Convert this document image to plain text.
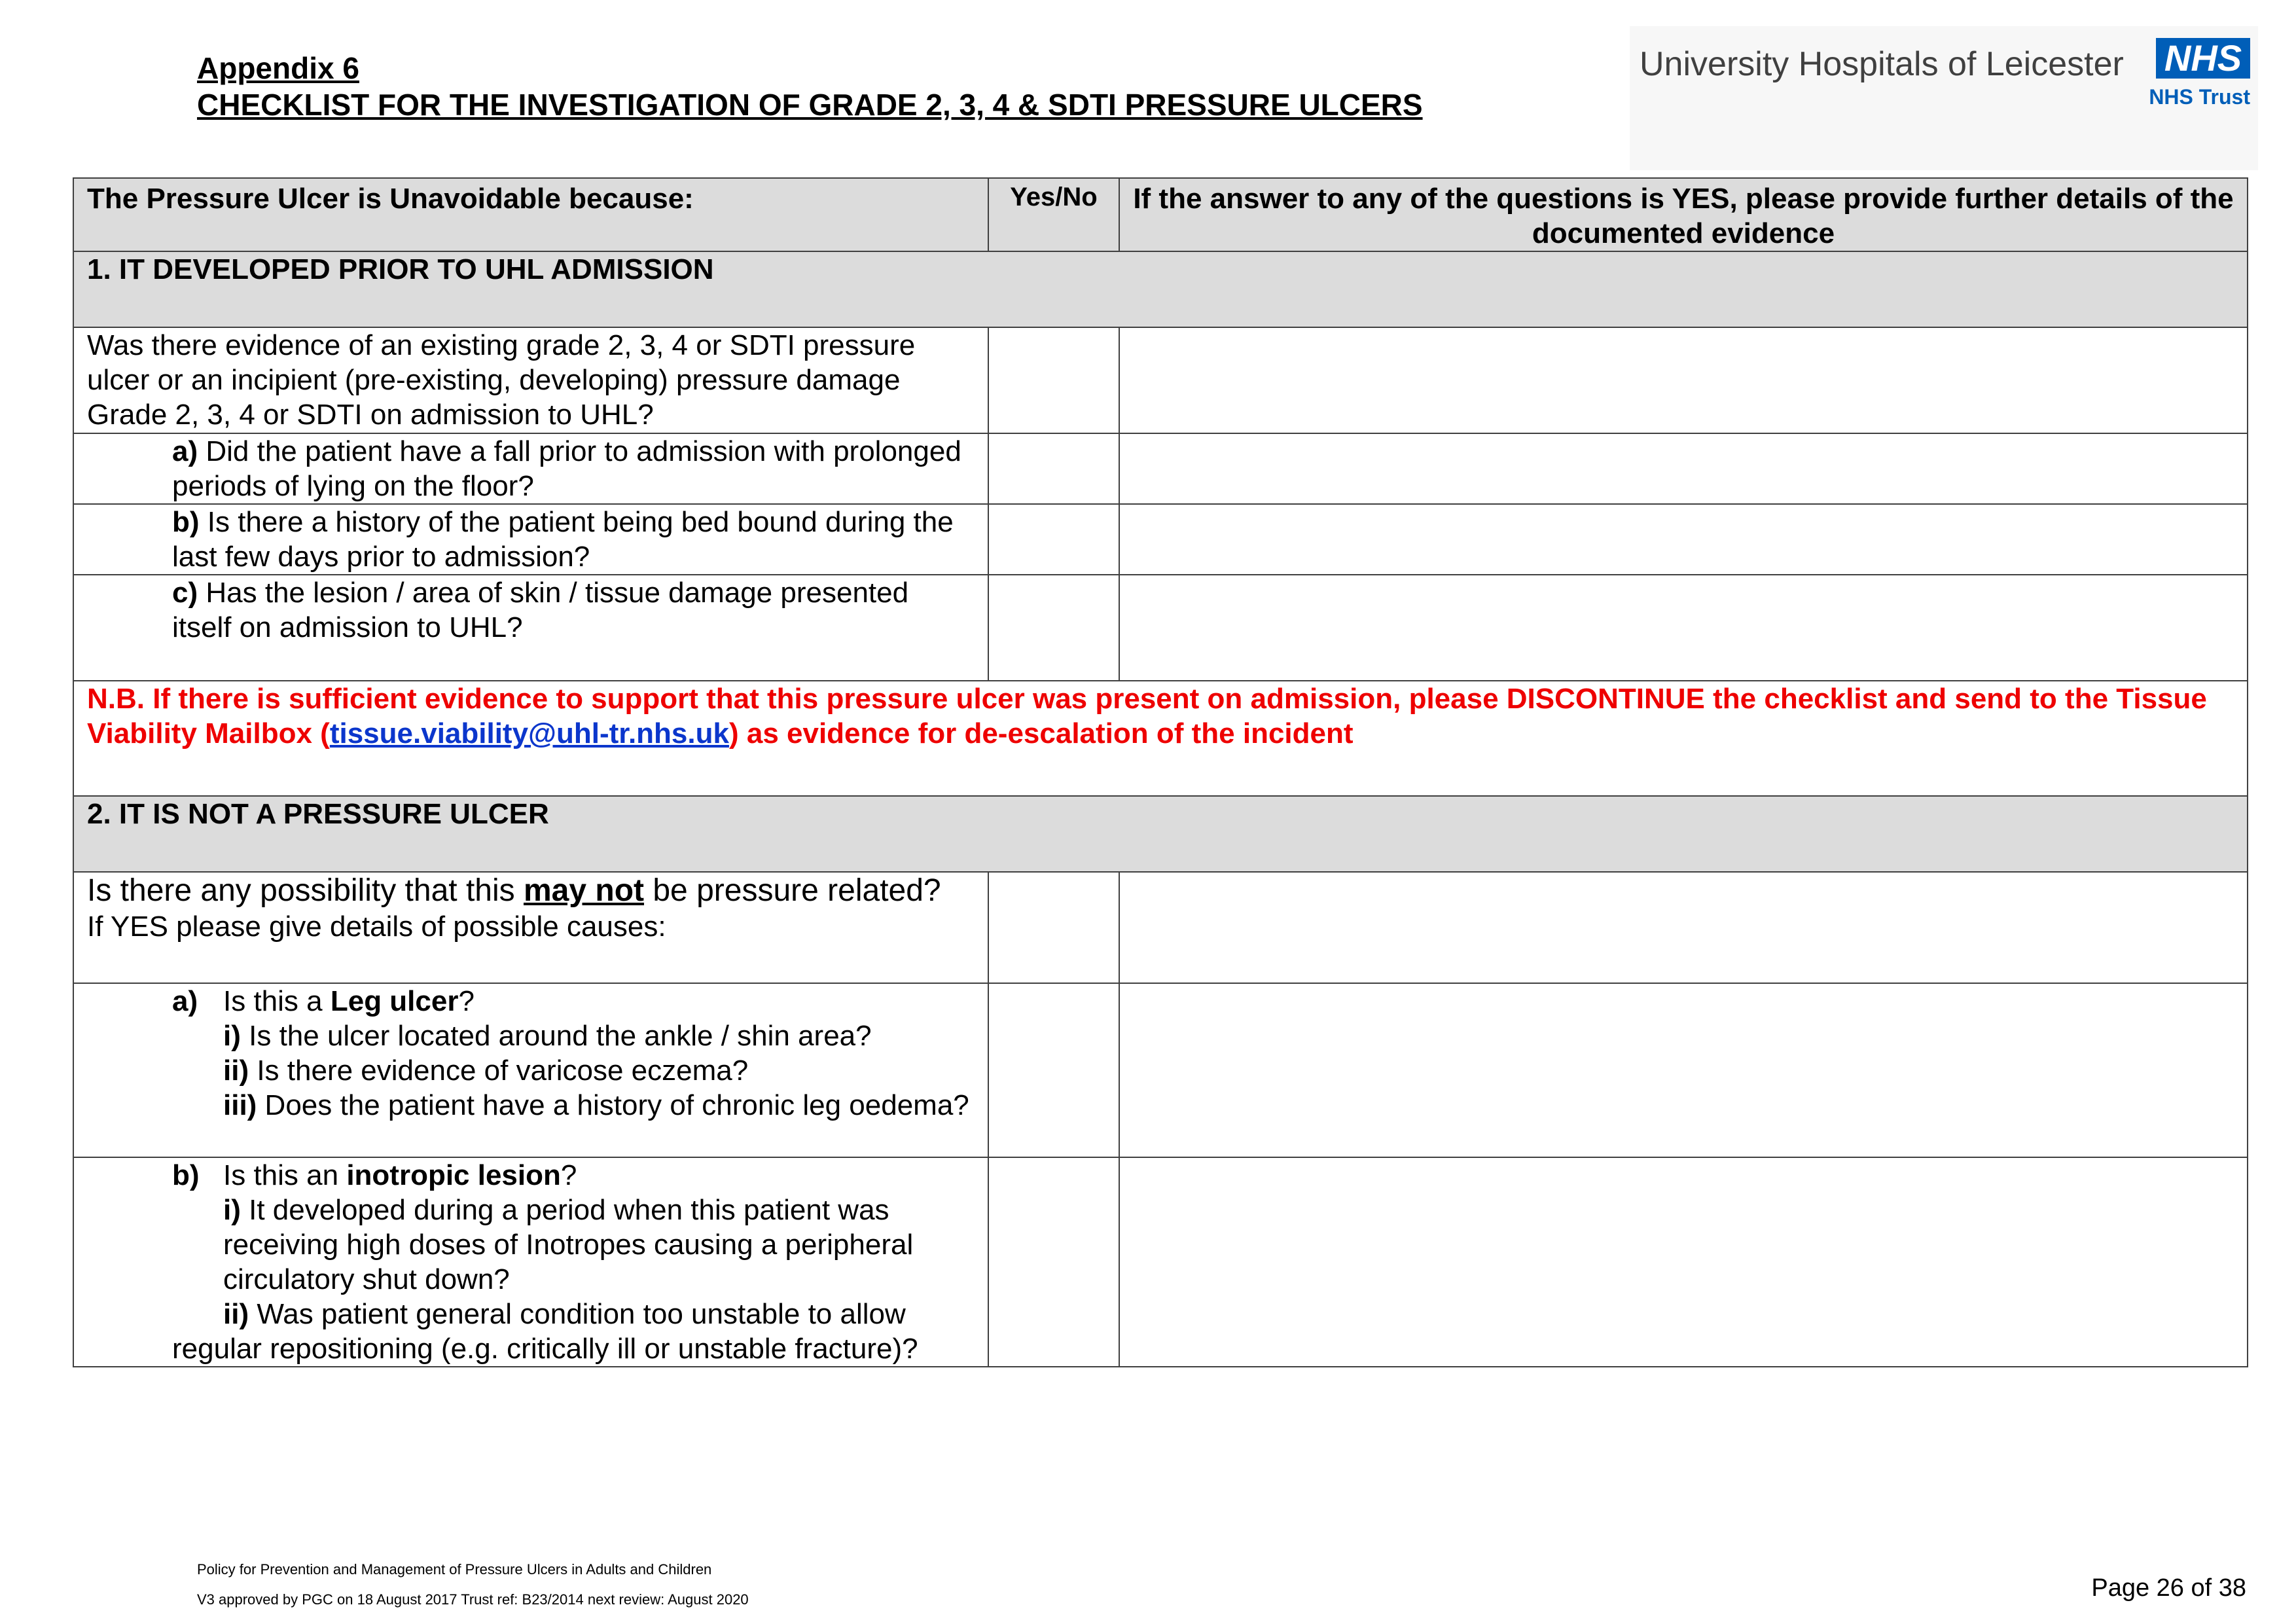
Appendix 6
CHECKLIST FOR THE INVESTIGATION OF GRADE 2, 3, 4 & SDTI PRESSURE ULCERS
University Hospitals of Leicester NHS
NHS Trust
The Pressure Ulcer is Unavoidable because:	Yes/No	If the answer to any of the questions is YES, please provide further details of the documented evidence
1. IT DEVELOPED PRIOR TO UHL ADMISSION		
Was there evidence of an existing grade 2, 3, 4 or SDTI pressure ulcer or an incipient (pre-existing, developing) pressure damage Grade 2, 3, 4 or SDTI on admission to UHL?		
a) Did the patient have a fall prior to admission with prolonged periods of lying on the floor?		
b) Is there a history of the patient being bed bound during the last few days prior to admission?		
c) Has the lesion / area of skin / tissue damage presented itself on admission to UHL?		
N.B. If there is sufficient evidence to support that this pressure ulcer was present on admission, please DISCONTINUE the checklist and send to the Tissue Viability Mailbox (tissue.viability@uhl-tr.nhs.uk) as evidence for de-escalation of the incident		
2. IT IS NOT A PRESSURE ULCER		
Is there any possibility that this may not be pressure related?
If YES please give details of possible causes:		

a) Is this a Leg ulcer?
i) Is the ulcer located around the ankle / shin area?
ii) Is there evidence of varicose eczema?
iii) Does the patient have a history of chronic leg oedema?		

b) Is this an inotropic lesion?
i) It developed during a period when this patient was receiving high doses of Inotropes causing a peripheral circulatory shut down?
ii) Was patient general condition too unstable to allow
regular repositioning (e.g. critically ill or unstable fracture)?		

Policy for Prevention and Management of Pressure Ulcers in Adults and Children
V3 approved by PGC on 18 August 2017 Trust ref: B23/2014 next review: August 2020	Page 26 of 38
